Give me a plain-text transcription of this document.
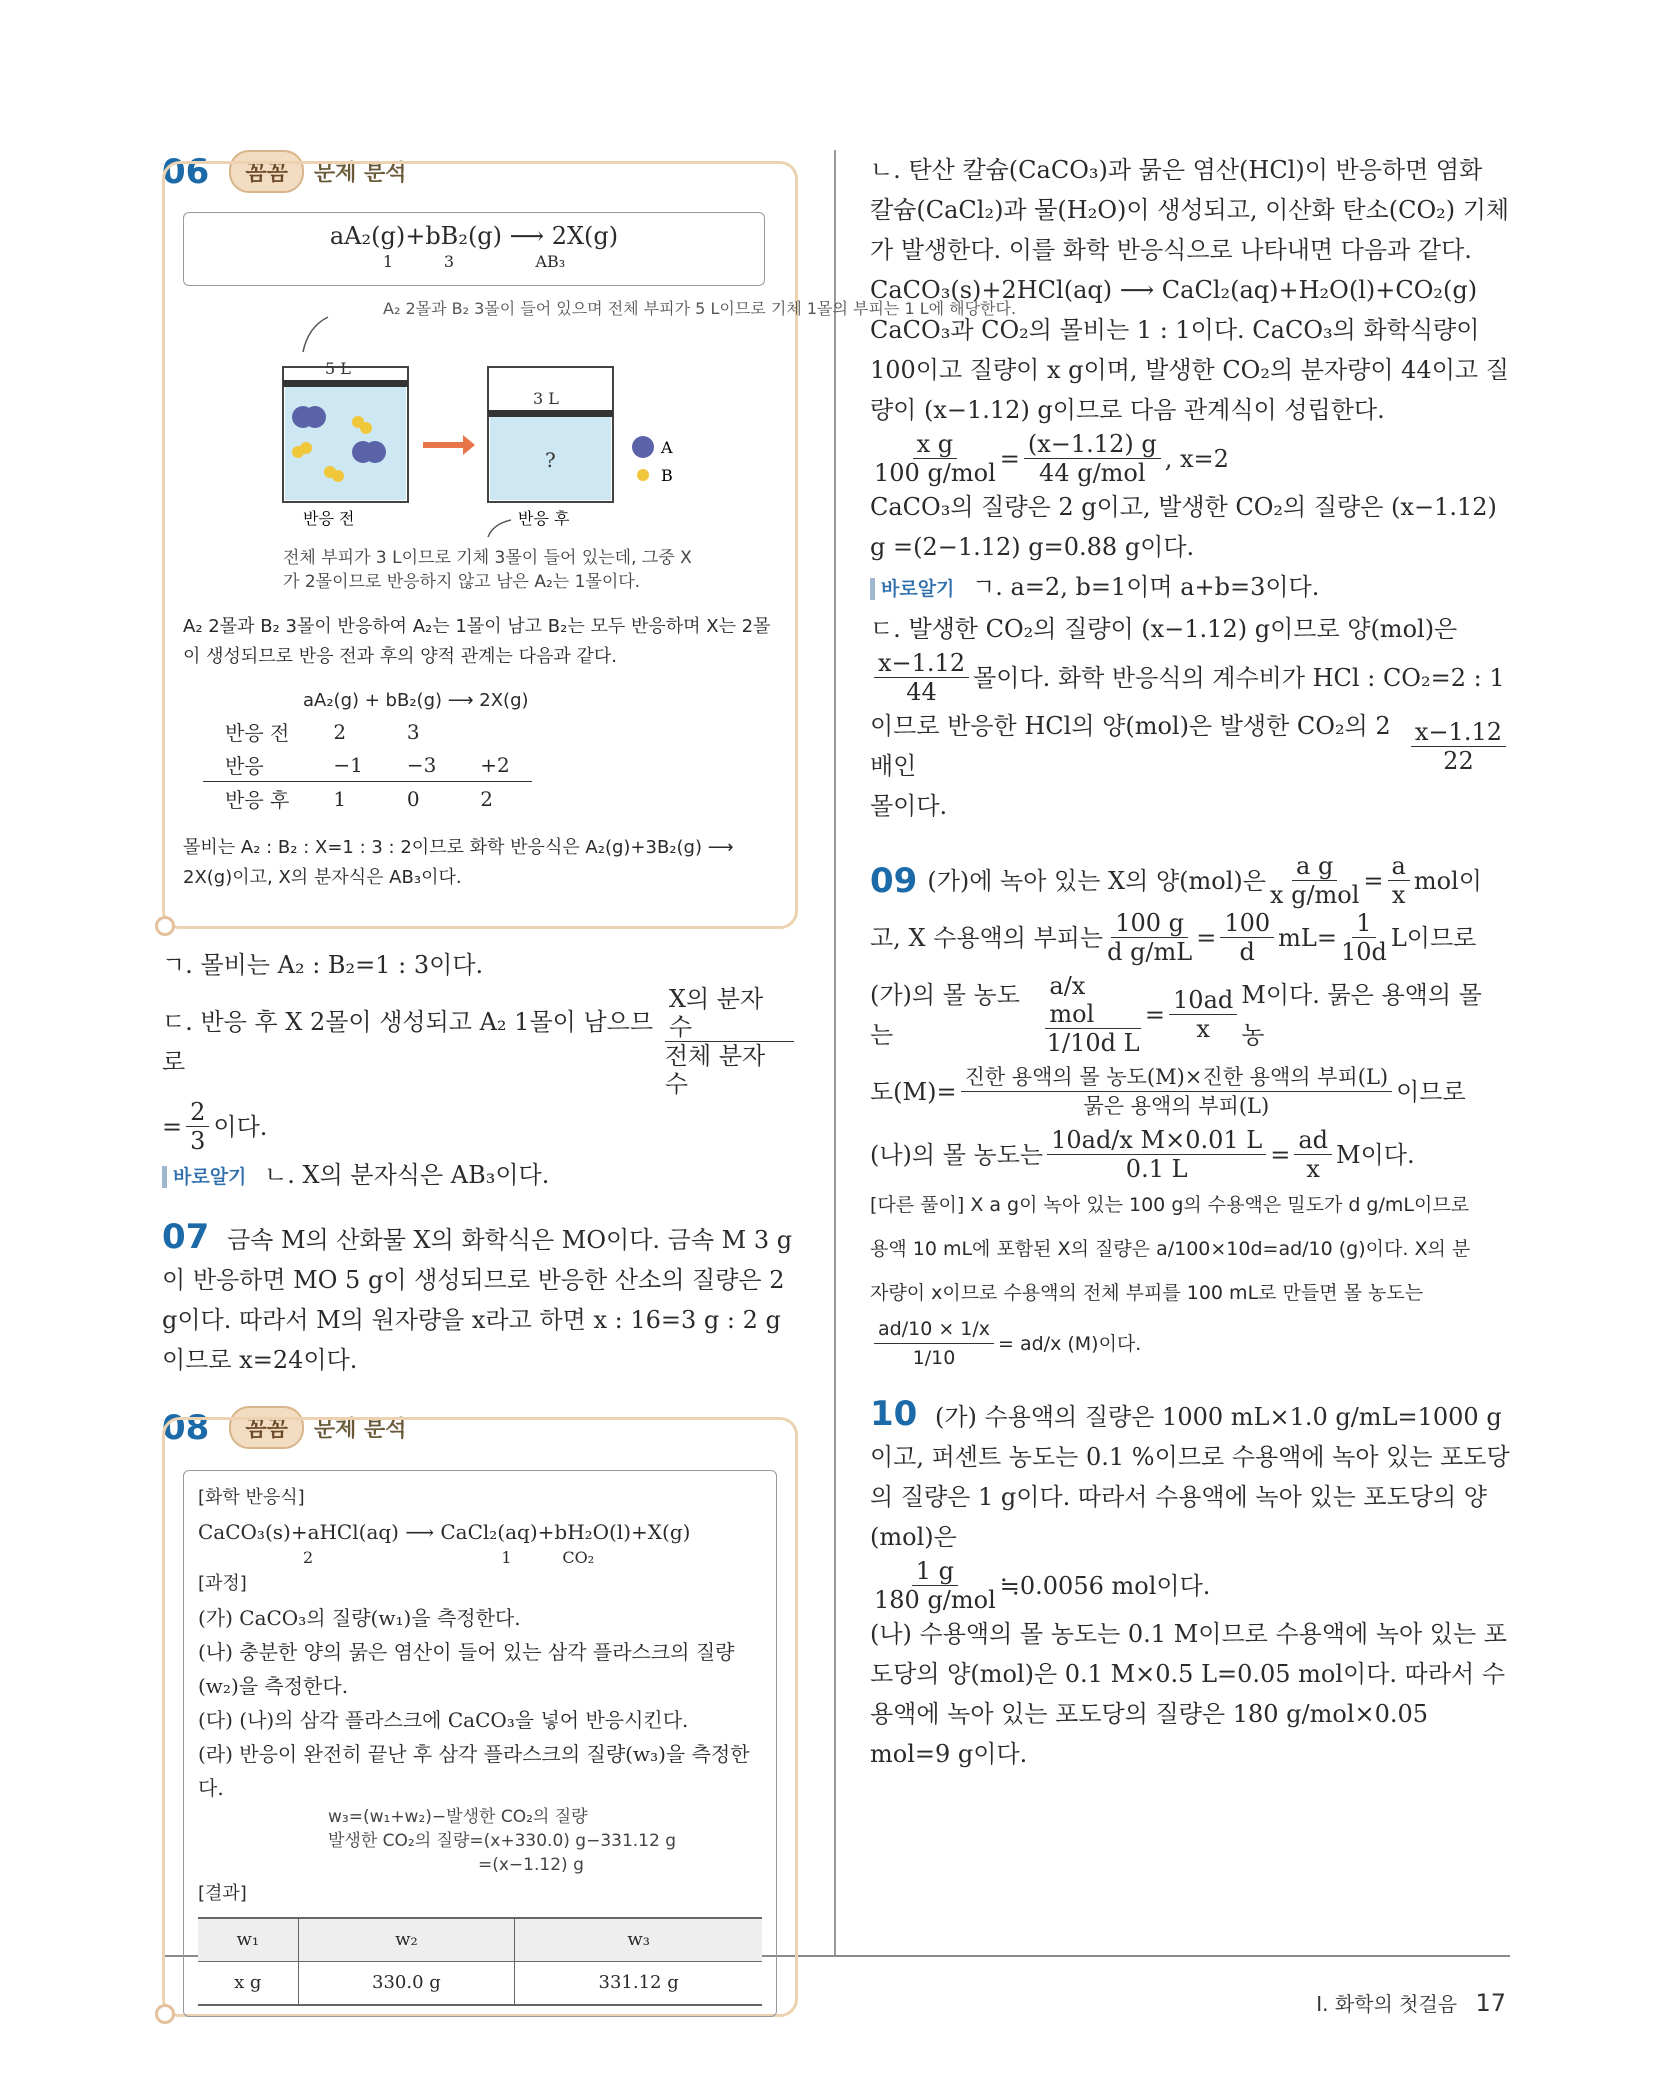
06	꼼꼼	문제 분석
aA₂(g)+bB₂(g) ⟶ 2X(g)
1          3                AB₃
A₂ 2몰과 B₂ 3몰이 들어 있으며 전체 부피가 5 L이므로 기체 1몰의 부피는 1 L에 해당한다.
5 L
3 L
?
A
B
반응 전	반응 후
전체 부피가 3 L이므로 기체 3몰이 들어 있는데, 그중 X가 2몰이므로 반응하지 않고 남은 A₂는 1몰이다.

A₂ 2몰과 B₂ 3몰이 반응하여 A₂는 1몰이 남고 B₂는 모두 반응하며 X는 2몰이 생성되므로 반응 전과 후의 양적 관계는 다음과 같다.

aA₂(g) + bB₂(g) ⟶ 2X(g)
반응 전	2	3	
반응	−1	−3	+2
반응 후	1	0	2

몰비는 A₂ : B₂ : X=1 : 3 : 2이므로 화학 반응식은 A₂(g)+3B₂(g) ⟶ 2X(g)이고, X의 분자식은 AB₃이다.

ㄱ. 몰비는 A₂ : B₂=1 : 3이다.

ㄷ. 반응 후 X 2몰이 생성되고 A₂ 1몰이 남으므로	$\frac{\text{X의 분자 수}}{\text{전체 분자 수}}$

= $\frac{2}{3}$ 이다.

바로알기 ㄴ. X의 분자식은 AB₃이다.

07 금속 M의 산화물 X의 화학식은 MO이다. 금속 M 3 g이 반응하면 MO 5 g이 생성되므로 반응한 산소의 질량은 2 g이다. 따라서 M의 원자량을 x라고 하면 x : 16=3 g : 2 g이므로 x=24이다.

08	꼼꼼	문제 분석
[화학 반응식]
CaCO₃(s)+aHCl(aq) ⟶ CaCl₂(aq)+bH₂O(l)+X(g)
2                                     1          CO₂
[과정]
(가) CaCO₃의 질량(w₁)을 측정한다.
(나) 충분한 양의 묽은 염산이 들어 있는 삼각 플라스크의 질량(w₂)을 측정한다.
(다) (나)의 삼각 플라스크에 CaCO₃을 넣어 반응시킨다.
(라) 반응이 완전히 끝난 후 삼각 플라스크의 질량(w₃)을 측정한다.
w₃=(w₁+w₂)−발생한 CO₂의 질량
발생한 CO₂의 질량=(x+330.0) g−331.12 g
=(x−1.12) g
[결과]
w₁	w₂	w₃
x g	330.0 g	331.12 g

ㄴ. 탄산 칼슘(CaCO₃)과 묽은 염산(HCl)이 반응하면 염화 칼슘(CaCl₂)과 물(H₂O)이 생성되고, 이산화 탄소(CO₂) 기체가 발생한다. 이를 화학 반응식으로 나타내면 다음과 같다.

CaCO₃(s)+2HCl(aq) ⟶ CaCl₂(aq)+H₂O(l)+CO₂(g)

CaCO₃과 CO₂의 몰비는 1 : 1이다. CaCO₃의 화학식량이 100이고 질량이 x g이며, 발생한 CO₂의 분자량이 44이고 질량이 (x−1.12) g이므로 다음 관계식이 성립한다.

$\frac{\text{x g}}{\text{100 g/mol}} = \frac{(x-1.12) g}{\text{44 g/mol}}$ , x=2

CaCO₃의 질량은 2 g이고, 발생한 CO₂의 질량은 (x−1.12) g =(2−1.12) g=0.88 g이다.

바로알기 ㄱ. a=2, b=1이며 a+b=3이다.

ㄷ. 발생한 CO₂의 질량이 (x−1.12) g이므로 양(mol)은

$\frac{x-1.12}{44}$ 몰이다. 화학 반응식의 계수비가 HCl : CO₂=2 : 1

이므로 반응한 HCl의 양(mol)은 발생한 CO₂의 2배인	$\frac{x-1.12}{22}$

몰이다.

09 (가)에 녹아 있는 X의 양(mol)은 $\frac{\text{a g}}{\text{x g/mol}} = \frac{a}{x}$ mol이

고, X 수용액의 부피는 $\frac{100 g}{\text{d g/mL}} = \frac{100}{d} mL= \frac{1}{10d}$ L이므로

(가)의 몰 농도는	$\frac{\text{a/x mol}}{\text{1/10d L}} = \frac{10ad}{x}$ M이다. 묽은 용액의 몰 농

도$(M)= \frac{\text{진한 용액의 몰 농도(M)×진한 용액의 부피(L)}}{\text{묽은 용액의 부피(L)}}$ 이므로

(나)의 몰 농도는 $\frac{\text{10ad/x M×0.01 L}}{0.1 L} = \frac{ad}{x}$ M이다.

[다른 풀이] X a g이 녹아 있는 100 g의 수용액은 밀도가 d g/mL이므로

용액 10 mL에 포함된 X의 질량은 a/100×10d=ad/10 (g)이다. X의 분

자량이 x이므로 수용액의 전체 부피를 100 mL로 만들면 몰 농도는

$\frac{ad/10 \times 1/x}{1/10} = ad/x$ (M)이다.

10 (가) 수용액의 질량은 1000 mL×1.0 g/mL=1000 g이고, 퍼센트 농도는 0.1 %이므로 수용액에 녹아 있는 포도당의 질량은 1 g이다. 따라서 수용액에 녹아 있는 포도당의 양(mol)은

$\frac{1 g}{\text{180 g/mol}}$ ≒0.0056 mol이다.

(나) 수용액의 몰 농도는 0.1 M이므로 수용액에 녹아 있는 포도당의 양(mol)은 0.1 M×0.5 L=0.05 mol이다. 따라서 수용액에 녹아 있는 포도당의 질량은 180 g/mol×0.05 mol=9 g이다.

I. 화학의 첫걸음 17
